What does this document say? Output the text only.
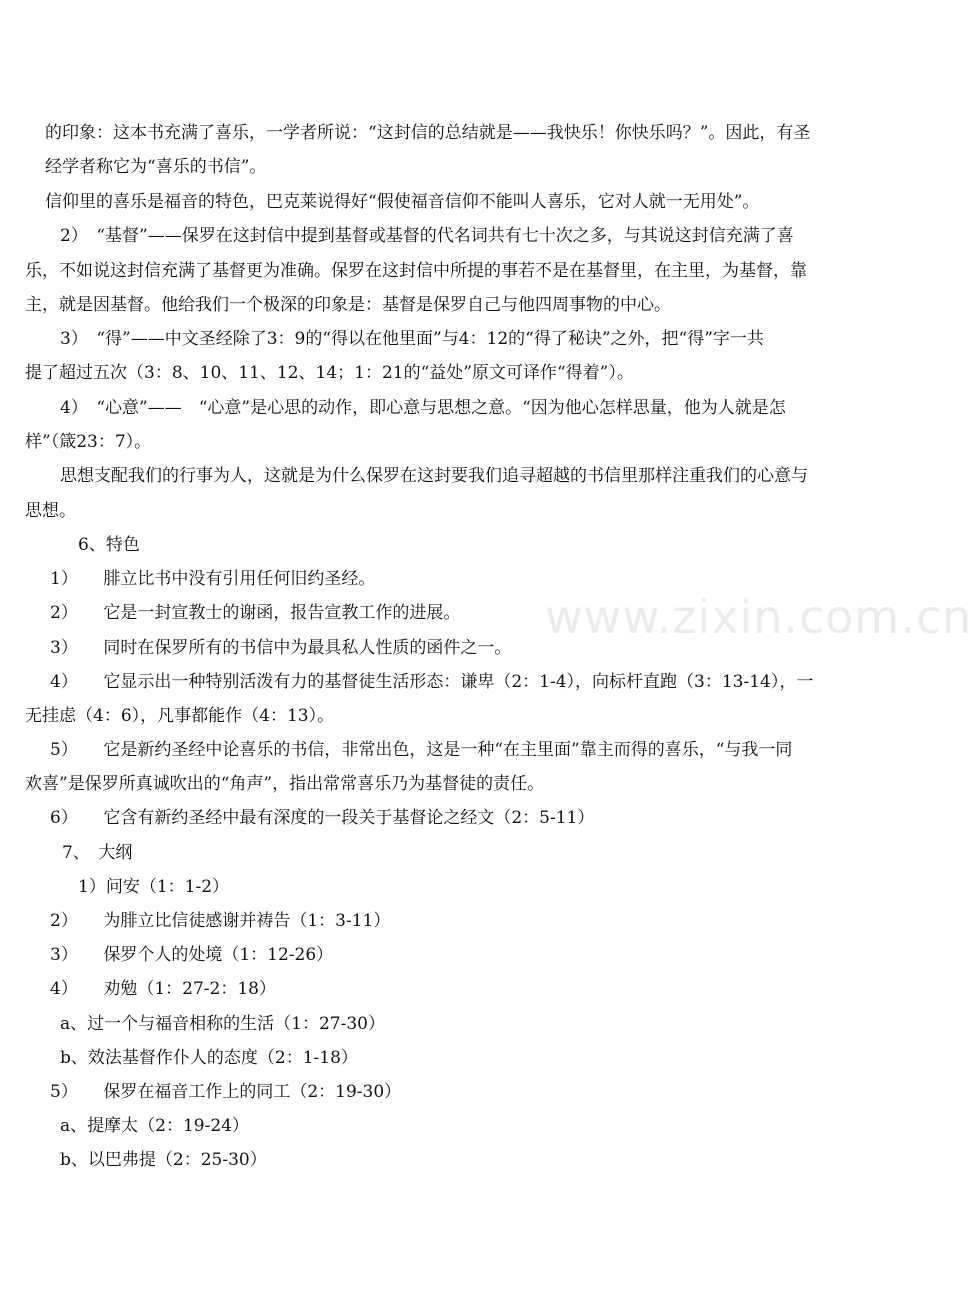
www.zixin.com.cn
的印象：这本书充满了喜乐，一学者所说：“这封信的总结就是——我快乐！你快乐吗？”。因此，有圣
经学者称它为“喜乐的书信”。
信仰里的喜乐是福音的特色，巴克莱说得好“假使福音信仰不能叫人喜乐，它对人就一无用处”。
2）　“基督”——保罗在这封信中提到基督或基督的代名词共有七十次之多，与其说这封信充满了喜
乐，不如说这封信充满了基督更为准确。保罗在这封信中所提的事若不是在基督里，在主里，为基督，靠
主，就是因基督。他给我们一个极深的印象是：基督是保罗自己与他四周事物的中心。
3）　“得”——中文圣经除了3：9的“得以在他里面”与4：12的“得了秘诀”之外，把“得”字一共
提了超过五次（3：8、10、11、12、14；1：21的“益处”原文可译作“得着”）。
4）　“心意”——　“心意”是心思的动作，即心意与思想之意。“因为他心怎样思量，他为人就是怎
样”（箴23：7）。
思想支配我们的行事为人，这就是为什么保罗在这封要我们追寻超越的书信里那样注重我们的心意与
思想。
6、特色
1）　　腓立比书中没有引用任何旧约圣经。
2）　　它是一封宣教士的谢函，报告宣教工作的进展。
3）　　同时在保罗所有的书信中为最具私人性质的函件之一。
4）　　它显示出一种特别活泼有力的基督徒生活形态：谦卑（2：1-4），向标杆直跑（3：13-14），一
无挂虑（4：6），凡事都能作（4：13）。
5）　　它是新约圣经中论喜乐的书信，非常出色，这是一种“在主里面”靠主而得的喜乐，“与我一同
欢喜”是保罗所真诚吹出的“角声”，指出常常喜乐乃为基督徒的责任。
6）　　它含有新约圣经中最有深度的一段关于基督论之经文（2：5-11）
7、　大纲
1）问安（1：1-2）
2）　　为腓立比信徒感谢并祷告（1：3-11）
3）　　保罗个人的处境（1：12-26）
4）　　劝勉（1：27-2：18）
a、过一个与福音相称的生活（1：27-30）
b、效法基督作仆人的态度（2：1-18）
5）　　保罗在福音工作上的同工（2：19-30）
a、提摩太（2：19-24）
b、以巴弗提（2：25-30）
